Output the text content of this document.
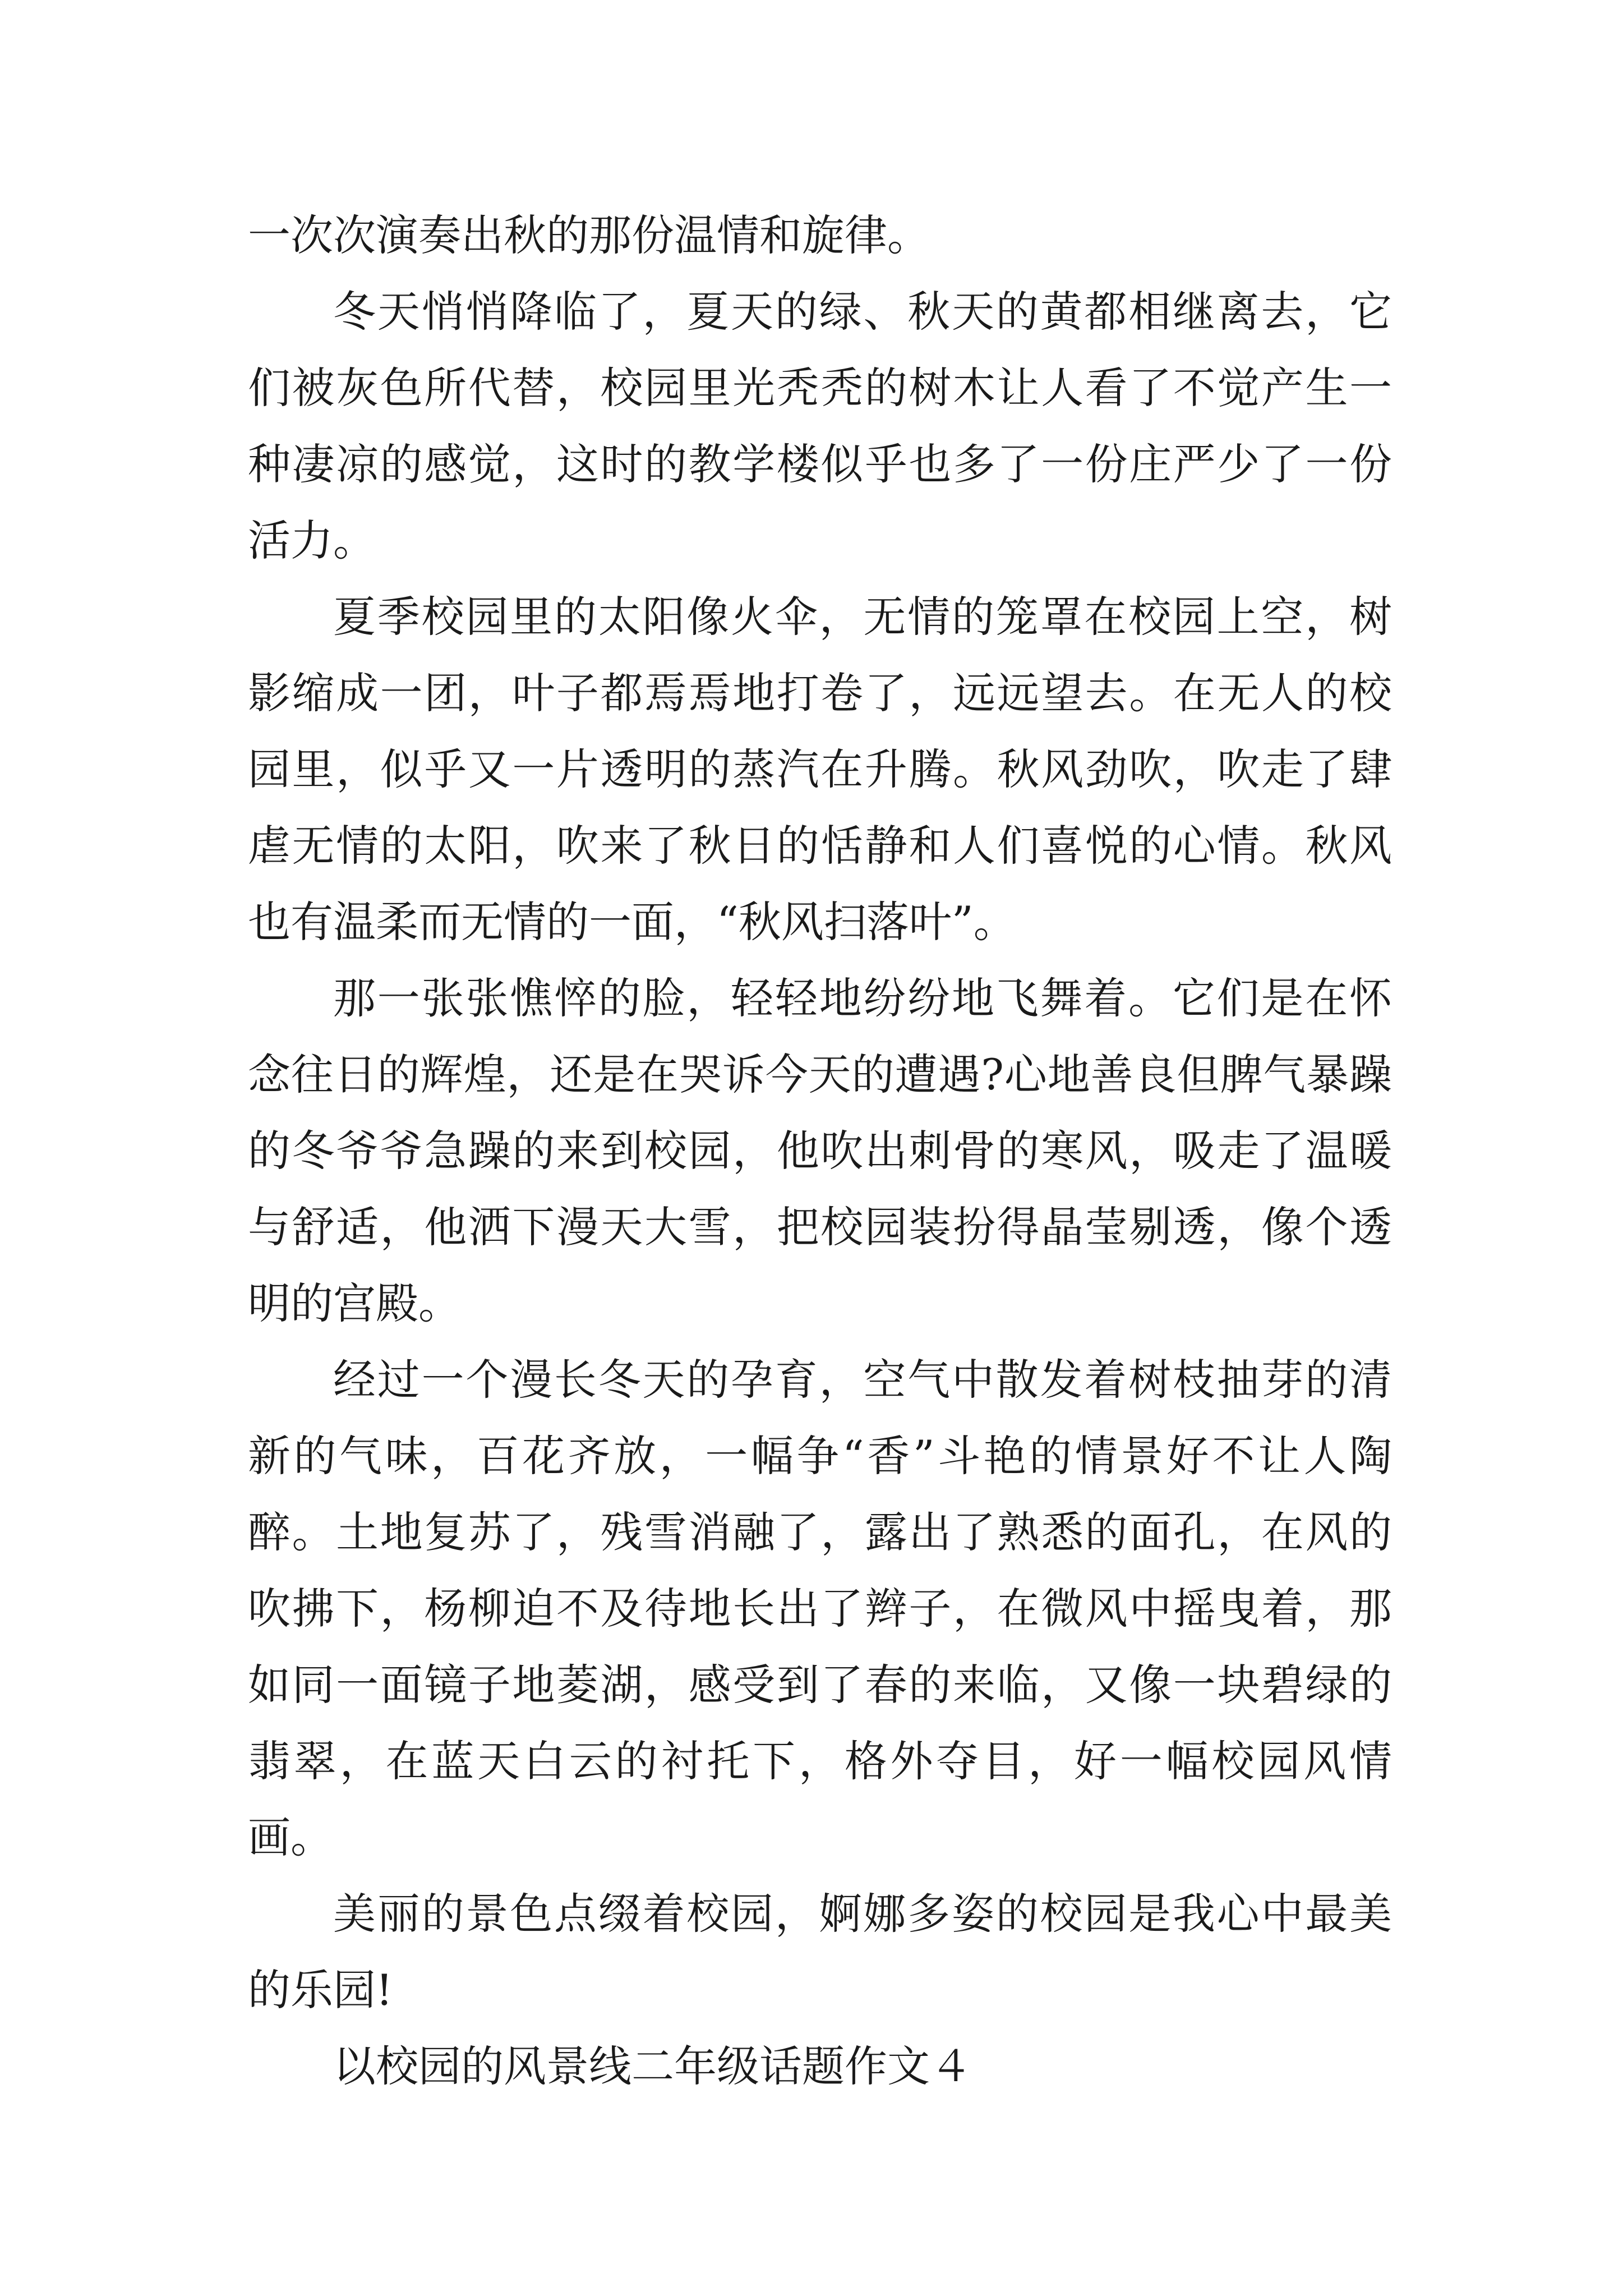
一次次演奏出秋的那份温情和旋律。

冬天悄悄降临了，夏天的绿、秋天的黄都相继离去，它们被灰色所代替，校园里光秃秃的树木让人看了不觉产生一种凄凉的感觉，这时的教学楼似乎也多了一份庄严少了一份活力。

夏季校园里的太阳像火伞，无情的笼罩在校园上空，树影缩成一团，叶子都焉焉地打卷了，远远望去。在无人的校园里，似乎又一片透明的蒸汽在升腾。秋风劲吹，吹走了肆虐无情的太阳，吹来了秋日的恬静和人们喜悦的心情。秋风也有温柔而无情的一面，“秋风扫落叶”。

那一张张憔悴的脸，轻轻地纷纷地飞舞着。它们是在怀念往日的辉煌，还是在哭诉今天的遭遇?心地善良但脾气暴躁的冬爷爷急躁的来到校园，他吹出刺骨的寒风，吸走了温暖与舒适，他洒下漫天大雪，把校园装扮得晶莹剔透，像个透明的宫殿。

经过一个漫长冬天的孕育，空气中散发着树枝抽芽的清新的气味，百花齐放，一幅争“香”斗艳的情景好不让人陶醉。土地复苏了，残雪消融了，露出了熟悉的面孔，在风的吹拂下，杨柳迫不及待地长出了辫子，在微风中摇曳着，那如同一面镜子地菱湖，感受到了春的来临，又像一块碧绿的翡翠，在蓝天白云的衬托下，格外夺目，好一幅校园风情画。

美丽的景色点缀着校园，婀娜多姿的校园是我心中最美的乐园!

以校园的风景线二年级话题作文４
